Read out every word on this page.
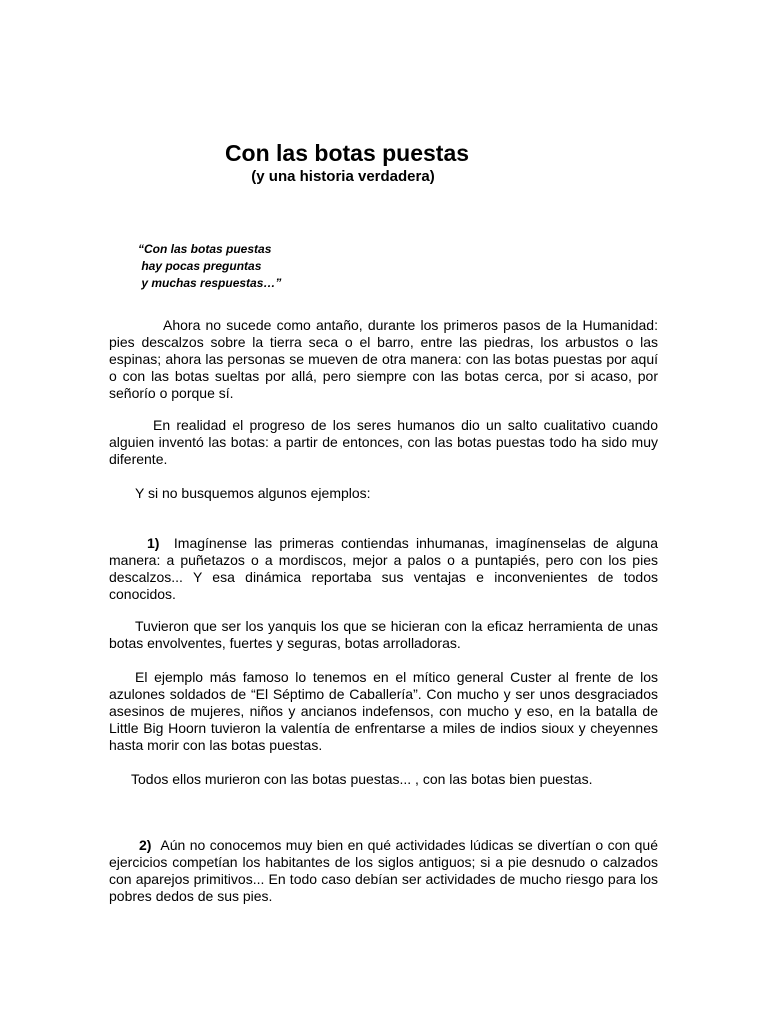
Con las botas puestas
(y una historia verdadera)
“Con las botas puestas
hay pocas preguntas
y muchas respuestas…”

Ahora no sucede como antaño, durante los primeros pasos de la Humanidad: pies descalzos sobre la tierra seca o el barro, entre las piedras, los arbustos o las espinas; ahora las personas se mueven de otra manera: con las botas puestas por aquí o con las botas sueltas por allá, pero siempre con las botas cerca, por si acaso, por señorío o porque sí.

En realidad el progreso de los seres humanos dio un salto cualitativo cuando alguien inventó las botas: a partir de entonces, con las botas puestas todo ha sido muy diferente.

Y si no busquemos algunos ejemplos:

1) Imagínense las primeras contiendas inhumanas, imagínenselas de alguna manera: a puñetazos o a mordiscos, mejor a palos o a puntapiés, pero con los pies descalzos... Y esa dinámica reportaba sus ventajas e inconvenientes de todos conocidos.

Tuvieron que ser los yanquis los que se hicieran con la eficaz herramienta de unas botas envolventes, fuertes y seguras, botas arrolladoras.

El ejemplo más famoso lo tenemos en el mítico general Custer al frente de los azulones soldados de “El Séptimo de Caballería”. Con mucho y ser unos desgraciados asesinos de mujeres, niños y ancianos indefensos, con mucho y eso, en la batalla de Little Big Hoorn tuvieron la valentía de enfrentarse a miles de indios sioux y cheyennes hasta morir con las botas puestas.

Todos ellos murieron con las botas puestas... , con las botas bien puestas.

2) Aún no conocemos muy bien en qué actividades lúdicas se divertían o con qué ejercicios competían los habitantes de los siglos antiguos; si a pie desnudo o calzados con aparejos primitivos... En todo caso debían ser actividades de mucho riesgo para los pobres dedos de sus pies.
